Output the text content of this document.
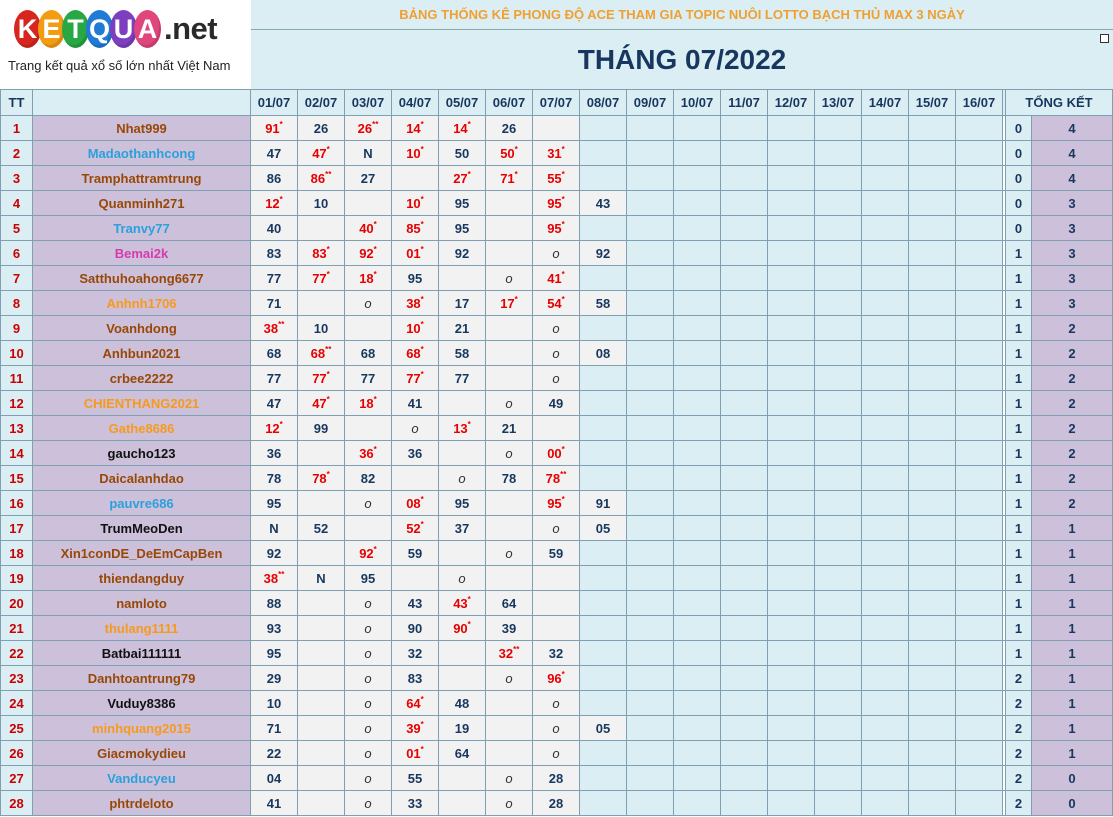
K E T Q U A .net
Trang kết quả xổ số lớn nhất Việt Nam
BẢNG THỐNG KÊ PHONG ĐỘ ACE THAM GIA TOPIC NUÔI LOTTO BẠCH THỦ MAX 3 NGÀY
THÁNG 07/2022
TT		01/07	02/07	03/07	04/07	05/07	06/07	07/07	08/07	09/07	10/07	11/07	12/07	13/07	14/07	15/07	16/07		TỔNG KẾT	
1	Nhat999	91*	26	26**	14*	14*	26												0	4
2	Madaothanhcong	47	47*	N	10*	50	50*	31*											0	4
3	Tramphattramtrung	86	86**	27		27*	71*	55*											0	4
4	Quanminh271	12*	10		10*	95		95*	43										0	3
5	Tranvy77	40		40*	85*	95		95*											0	3
6	Bemai2k	83	83*	92*	01*	92		o	92										1	3
7	Satthuhoahong6677	77	77*	18*	95		o	41*											1	3
8	Anhnh1706	71		o	38*	17	17*	54*	58										1	3
9	Voanhdong	38**	10		10*	21		o											1	2
10	Anhbun2021	68	68**	68	68*	58		o	08										1	2
11	crbee2222	77	77*	77	77*	77		o											1	2
12	CHIENTHANG2021	47	47*	18*	41		o	49											1	2
13	Gathe8686	12*	99		o	13*	21												1	2
14	gaucho123	36		36*	36		o	00*											1	2
15	Daicalanhdao	78	78*	82		o	78	78**											1	2
16	pauvre686	95		o	08*	95		95*	91										1	2
17	TrumMeoDen	N	52		52*	37		o	05										1	1
18	Xin1conDE_DeEmCapBen	92		92*	59		o	59											1	1
19	thiendangduy	38**	N	95		o													1	1
20	namloto	88		o	43	43*	64												1	1
21	thulang1111	93		o	90	90*	39												1	1
22	Batbai111111	95		o	32		32**	32											1	1
23	Danhtoantrung79	29		o	83		o	96*											2	1
24	Vuduy8386	10		o	64*	48		o											2	1
25	minhquang2015	71		o	39*	19		o	05										2	1
26	Giacmokydieu	22		o	01*	64		o											2	1
27	Vanducyeu	04		o	55		o	28											2	0
28	phtrdeloto	41		o	33		o	28											2	0
